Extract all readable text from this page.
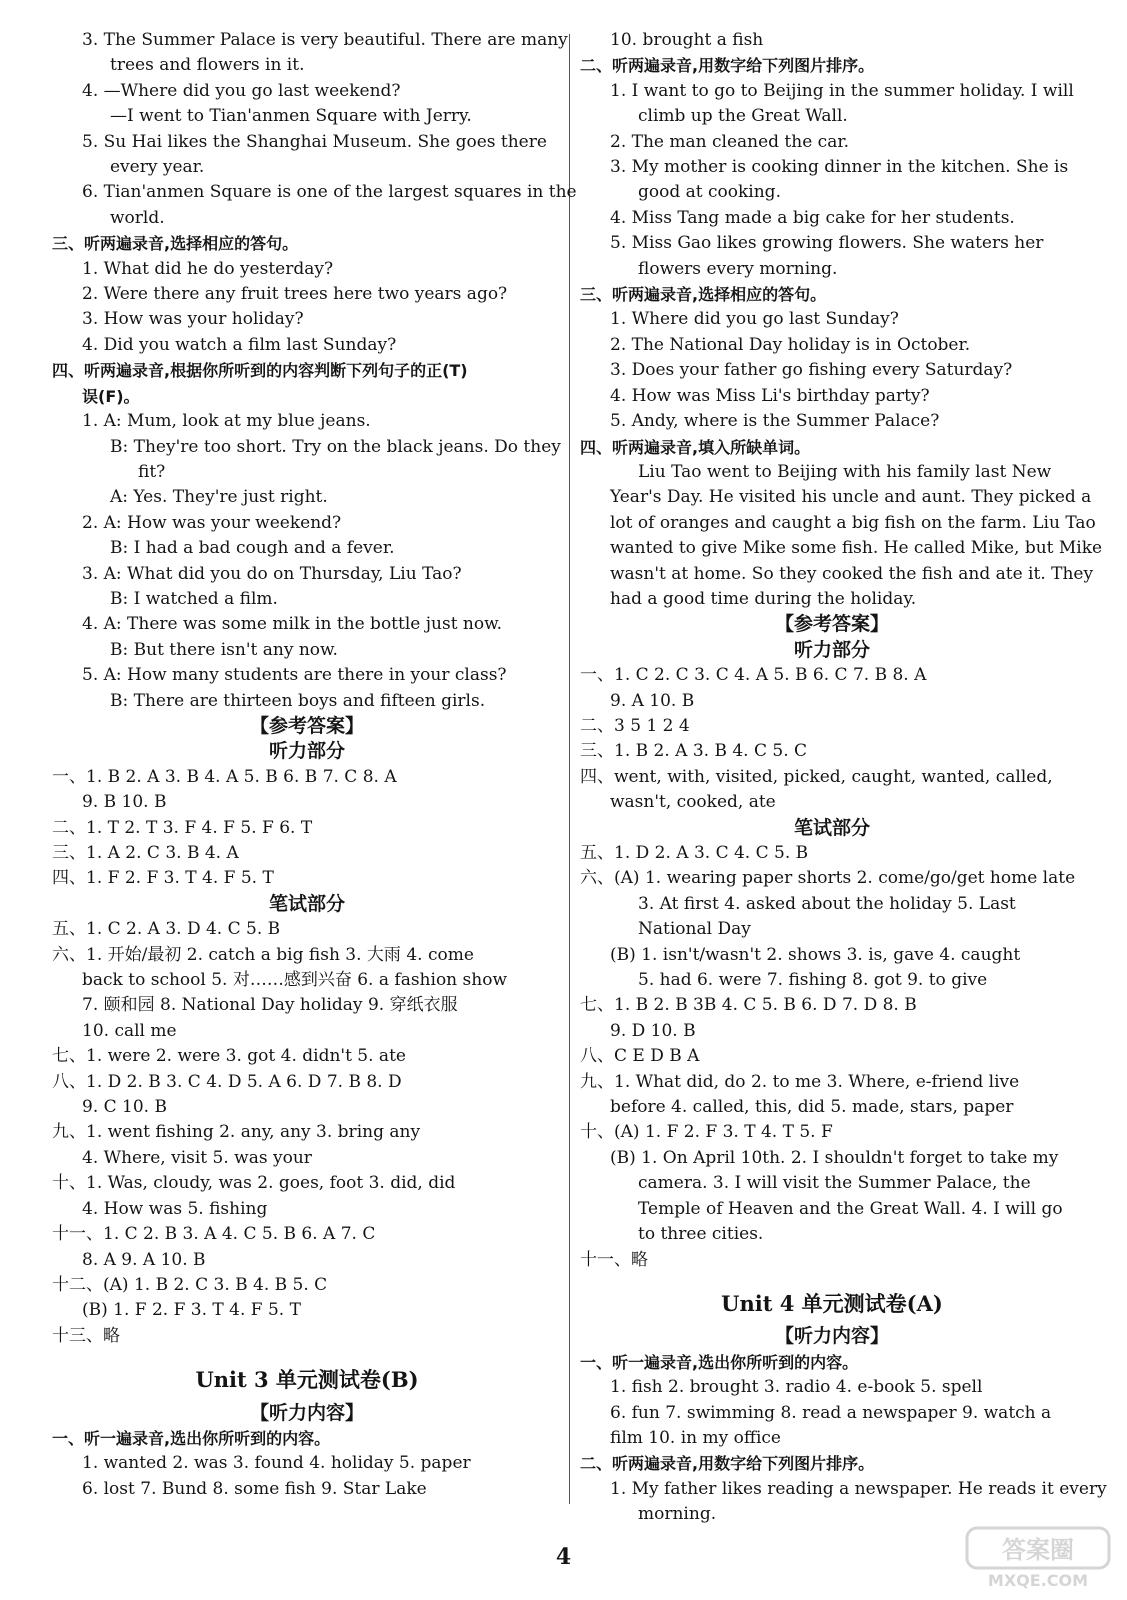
3. The Summer Palace is very beautiful. There are many
trees and flowers in it.
4. —Where did you go last weekend?
—I went to Tian'anmen Square with Jerry.
5. Su Hai likes the Shanghai Museum. She goes there
every year.
6. Tian'anmen Square is one of the largest squares in the
world.
三、听两遍录音,选择相应的答句。
1. What did he do yesterday?
2. Were there any fruit trees here two years ago?
3. How was your holiday?
4. Did you watch a film last Sunday?
四、听两遍录音,根据你所听到的内容判断下列句子的正(T)
误(F)。
1. A: Mum, look at my blue jeans.
B: They're too short. Try on the black jeans. Do they
fit?
A: Yes. They're just right.
2. A: How was your weekend?
B: I had a bad cough and a fever.
3. A: What did you do on Thursday, Liu Tao?
B: I watched a film.
4. A: There was some milk in the bottle just now.
B: But there isn't any now.
5. A: How many students are there in your class?
B: There are thirteen boys and fifteen girls.
【参考答案】
听力部分
一、1. B 2. A 3. B 4. A 5. B 6. B 7. C 8. A
9. B 10. B
二、1. T 2. T 3. F 4. F 5. F 6. T
三、1. A 2. C 3. B 4. A
四、1. F 2. F 3. T 4. F 5. T
笔试部分
五、1. C 2. A 3. D 4. C 5. B
六、1. 开始/最初 2. catch a big fish 3. 大雨 4. come
back to school 5. 对……感到兴奋 6. a fashion show
7. 颐和园 8. National Day holiday 9. 穿纸衣服
10. call me
七、1. were 2. were 3. got 4. didn't 5. ate
八、1. D 2. B 3. C 4. D 5. A 6. D 7. B 8. D
9. C 10. B
九、1. went fishing 2. any, any 3. bring any
4. Where, visit 5. was your
十、1. Was, cloudy, was 2. goes, foot 3. did, did
4. How was 5. fishing
十一、1. C 2. B 3. A 4. C 5. B 6. A 7. C
8. A 9. A 10. B
十二、(A) 1. B 2. C 3. B 4. B 5. C
(B) 1. F 2. F 3. T 4. F 5. T
十三、略
Unit 3 单元测试卷(B)
【听力内容】
一、听一遍录音,选出你所听到的内容。
1. wanted 2. was 3. found 4. holiday 5. paper
6. lost 7. Bund 8. some fish 9. Star Lake
10. brought a fish
二、听两遍录音,用数字给下列图片排序。
1. I want to go to Beijing in the summer holiday. I will
climb up the Great Wall.
2. The man cleaned the car.
3. My mother is cooking dinner in the kitchen. She is
good at cooking.
4. Miss Tang made a big cake for her students.
5. Miss Gao likes growing flowers. She waters her
flowers every morning.
三、听两遍录音,选择相应的答句。
1. Where did you go last Sunday?
2. The National Day holiday is in October.
3. Does your father go fishing every Saturday?
4. How was Miss Li's birthday party?
5. Andy, where is the Summer Palace?
四、听两遍录音,填入所缺单词。
Liu Tao went to Beijing with his family last New
Year's Day. He visited his uncle and aunt. They picked a
lot of oranges and caught a big fish on the farm. Liu Tao
wanted to give Mike some fish. He called Mike, but Mike
wasn't at home. So they cooked the fish and ate it. They
had a good time during the holiday.
【参考答案】
听力部分
一、1. C 2. C 3. C 4. A 5. B 6. C 7. B 8. A
9. A 10. B
二、3 5 1 2 4
三、1. B 2. A 3. B 4. C 5. C
四、went, with, visited, picked, caught, wanted, called,
wasn't, cooked, ate
笔试部分
五、1. D 2. A 3. C 4. C 5. B
六、(A) 1. wearing paper shorts 2. come/go/get home late
3. At first 4. asked about the holiday 5. Last
National Day
(B) 1. isn't/wasn't 2. shows 3. is, gave 4. caught
5. had 6. were 7. fishing 8. got 9. to give
七、1. B 2. B 3B 4. C 5. B 6. D 7. D 8. B
9. D 10. B
八、C E D B A
九、1. What did, do 2. to me 3. Where, e-friend live
before 4. called, this, did 5. made, stars, paper
十、(A) 1. F 2. F 3. T 4. T 5. F
(B) 1. On April 10th. 2. I shouldn't forget to take my
camera. 3. I will visit the Summer Palace, the
Temple of Heaven and the Great Wall. 4. I will go
to three cities.
十一、略
Unit 4 单元测试卷(A)
【听力内容】
一、听一遍录音,选出你所听到的内容。
1. fish 2. brought 3. radio 4. e-book 5. spell
6. fun 7. swimming 8. read a newspaper 9. watch a
film 10. in my office
二、听两遍录音,用数字给下列图片排序。
1. My father likes reading a newspaper. He reads it every
morning.
4	答案圈
MXQE.COM
